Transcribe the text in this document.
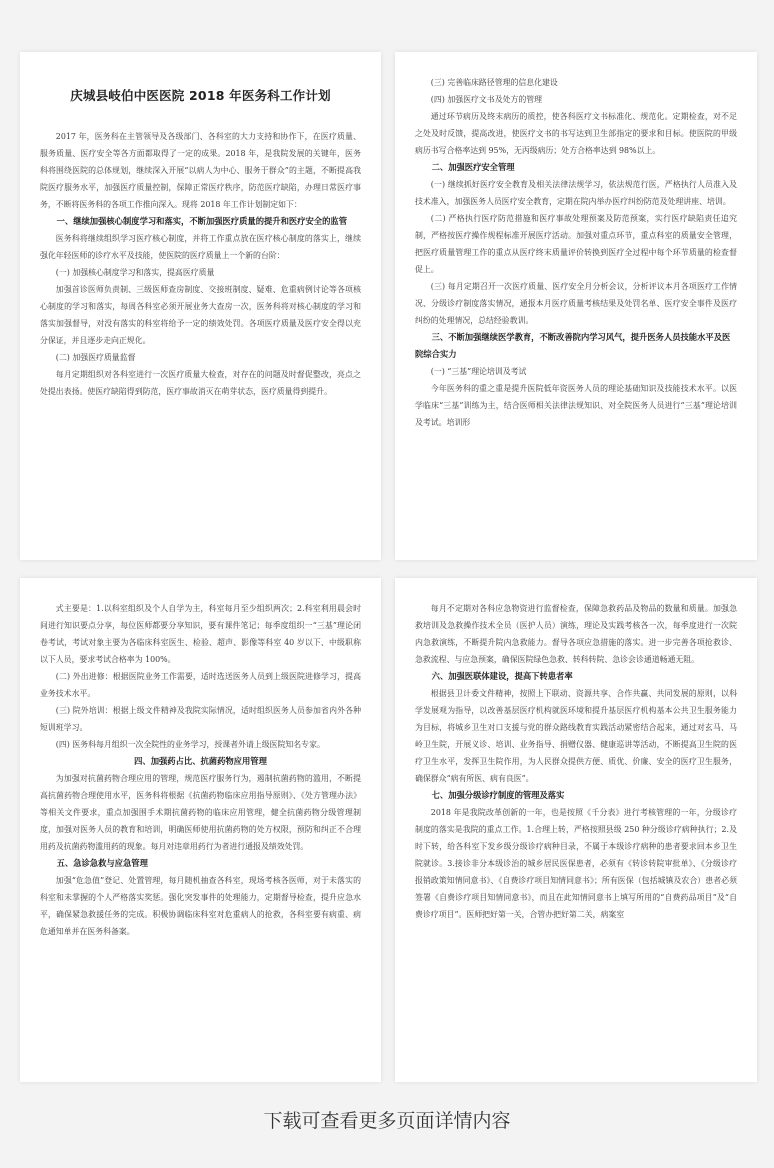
庆城县岐伯中医医院 2018 年医务科工作计划

2017 年，医务科在主管领导及各级部门、各科室的大力支持和协作下，在医疗质量、服务质量、医疗安全等各方面都取得了一定的成果。2018 年，是我院发展的关键年，医务科将围绕医院的总体规划，继续深入开展“以病人为中心、服务于群众”的主题，不断提高我院医疗服务水平，加强医疗质量控制，保障正常医疗秩序，防范医疗缺陷，办理日常医疗事务，不断将医务科的各项工作推向深入。现将 2018 年工作计划制定如下：

一、继续加强核心制度学习和落实，不断加强医疗质量的提升和医疗安全的监管

医务科将继续组织学习医疗核心制度，并将工作重点放在医疗核心制度的落实上，继续强化年轻医师的诊疗水平及技能，使医院的医疗质量上一个新的台阶：

(一) 加强核心制度学习和落实，提高医疗质量

加强首诊医师负责制、三级医师查房制度、交接班制度、疑难、危重病例讨论等各项核心制度的学习和落实，每周各科室必须开展业务大查房一次，医务科将对核心制度的学习和落实加强督导，对没有落实的科室将给予一定的绩效处罚。各项医疗质量及医疗安全得以充分保证，并且逐步走向正规化。

(二) 加强医疗质量监督

每月定期组织对各科室进行一次医疗质量大检查，对存在的问题及时督促整改，亮点之处提出表扬。使医疗缺陷得到防范，医疗事故消灭在萌芽状态，医疗质量得到提升。

(三) 完善临床路径管理的信息化建设

(四) 加强医疗文书及处方的管理

通过环节病历及终末病历的质控，使各科医疗文书标准化、规范化。定期检查，对不足之处及时反馈，提高改进，使医疗文书的书写达到卫生部指定的要求和目标。使医院的甲级病历书写合格率达到 95%，无丙级病历；处方合格率达到 98%以上。

二、加强医疗安全管理

(一) 继续抓好医疗安全教育及相关法律法规学习，依法规范行医，严格执行人员准入及技术准入，加强医务人员医疗安全教育，定期在院内举办医疗纠纷防范及处理讲座、培训。

(二) 严格执行医疗防范措施和医疗事故处理预案及防范预案，实行医疗缺陷责任追究制，严格按医疗操作规程标准开展医疗活动。加强对重点环节，重点科室的质量安全管理，把医疗质量管理工作的重点从医疗终末质量评价转换到医疗全过程中每个环节质量的检查督促上。

(三) 每月定期召开一次医疗质量、医疗安全月分析会议，分析评议本月各项医疗工作情况、分级诊疗制度落实情况，通报本月医疗质量考核结果及处罚名单、医疗安全事件及医疗纠纷的处理情况，总结经验教训。

三、不断加强继续医学教育，不断改善院内学习风气，提升医务人员技能水平及医院综合实力

(一) “三基”理论培训及考试

今年医务科的重之重是提升医院低年资医务人员的理论基础知识及技能技术水平。以医学临床“三基”训练为主，结合医师相关法律法规知识、对全院医务人员进行“三基”理论培训及考试。培训形

式主要是：1.以科室组织及个人自学为主，科室每月至少组织两次；2.科室利用晨会时间进行知识要点分享，每位医师都要分享知识，要有课件笔记；每季度组织一“三基”理论闭卷考试，考试对象主要为各临床科室医生、检验、超声、影像等科室 40 岁以下、中级职称以下人员，要求考试合格率为 100%。

(二) 外出进修：根据医院业务工作需要，适时选送医务人员到上级医院进修学习，提高业务技术水平。

(三) 院外培训：根据上级文件精神及我院实际情况，适时组织医务人员参加省内外各种短训班学习。

(四) 医务科每月组织一次全院性的业务学习，授课者外请上级医院知名专家。

四、加强药占比、抗菌药物应用管理

为加强对抗菌药物合理应用的管理，规范医疗服务行为，遏制抗菌药物的滥用，不断提高抗菌药物合理使用水平，医务科将根据《抗菌药物临床应用指导原则》、《处方管理办法》等相关文件要求，重点加强围手术期抗菌药物的临床应用管理，健全抗菌药物分级管理制度，加强对医务人员的教育和培训，明确医师使用抗菌药物的处方权限，预防和纠正不合理用药及抗菌药物滥用药的现象。每月对违章用药行为者进行通报及绩效处罚。

五、急诊急救与应急管理

加强“危急值”登记、处置管理，每月随机抽查各科室，现场考核各医师，对于未落实的科室和未掌握的个人严格落实奖惩。强化突发事件的处理能力，定期督导检查，提升应急水平，确保紧急救援任务的完成。积极协调临床科室对危重病人的抢救，各科室要有病重、病危通知单并在医务科备案。

每月不定期对各科应急物资进行监督检查，保障急救药品及物品的数量和质量。加强急救培训及急救操作技术全员（医护人员）演练，理论及实践考核各一次，每季度进行一次院内急救演练，不断提升院内急救能力。督导各项应急措施的落实。进一步完善各项抢救诊、急救流程、与应急预案，确保医院绿色急救、转科转院、急诊会诊通道畅通无阻。

六、加强医联体建设，提高下转患者率

根据县卫计委文件精神，按照上下联动、资源共享、合作共赢、共同发展的原则，以科学发展观为指导，以改善基层医疗机构就医环境和提升基层医疗机构基本公共卫生服务能力为目标，将城乡卫生对口支援与党的群众路线教育实践活动紧密结合起来，通过对玄马、马岭卫生院，开展义诊、培训、业务指导、捐赠仪器、健康巡讲等活动，不断提高卫生院的医疗卫生水平，发挥卫生院作用，为人民群众提供方便、质优、价廉、安全的医疗卫生服务，确保群众“病有所医、病有良医”。

七、加强分级诊疗制度的管理及落实

2018 年是我院改革创新的一年，也是按照《千分表》进行考核管理的一年，分级诊疗制度的落实是我院的重点工作。1.合理上转，严格按照县级 250 种分级诊疗病种执行；2.及时下转，给各科室下发乡级分级诊疗病种目录，不属于本级诊疗病种的患者要求回本乡卫生院就诊。3.接诊非分本级诊治的城乡居民医保患者，必须有《转诊转院审批单》、《分级诊疗报销政策知情同意书》、《自费诊疗项目知情同意书》；所有医保（包括城镇及农合）患者必须签署《自费诊疗项目知情同意书》，而且在此知情同意书上填写所用的“自费药品项目”及“自费诊疗项目”。医师把好第一关，合管办把好第二关，病案室

下载可查看更多页面详情内容
